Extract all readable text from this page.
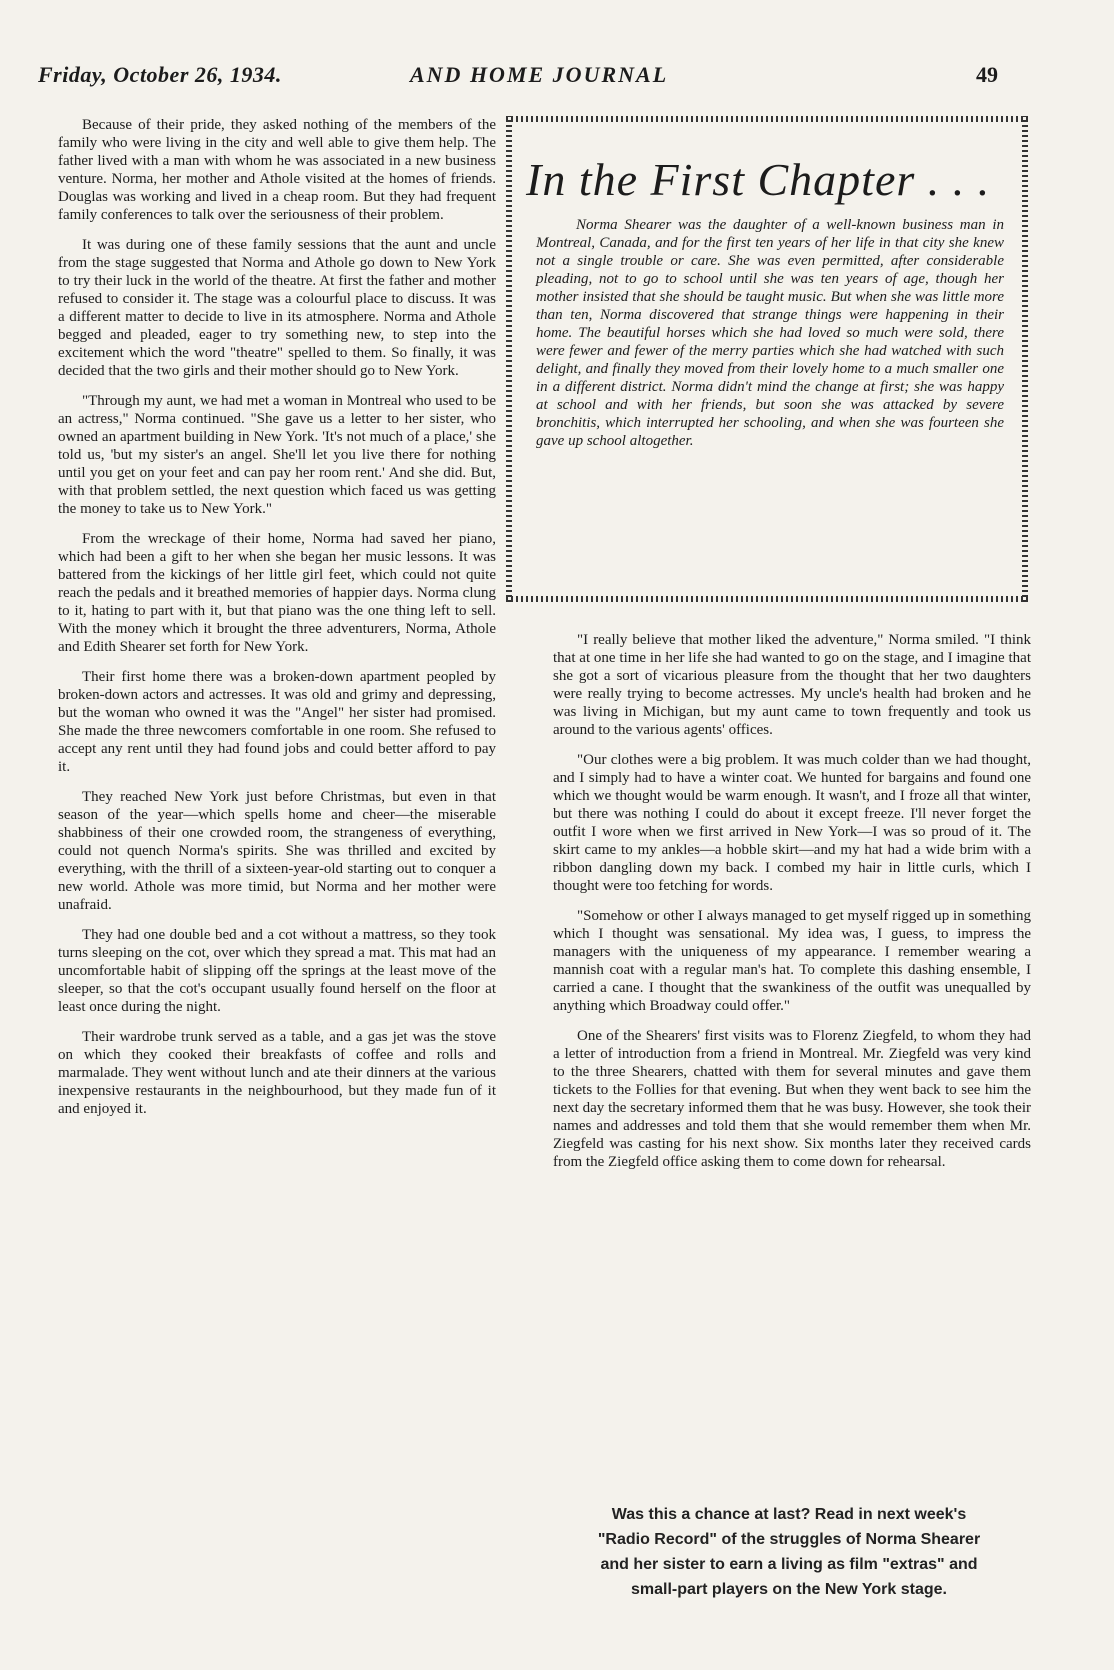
Friday, October 26, 1934.	AND HOME JOURNAL	49

Because of their pride, they asked nothing of the members of the family who were living in the city and well able to give them help. The father lived with a man with whom he was associated in a new business venture. Norma, her mother and Athole visited at the homes of friends. Douglas was working and lived in a cheap room. But they had frequent family conferences to talk over the seriousness of their problem.

It was during one of these family sessions that the aunt and uncle from the stage suggested that Norma and Athole go down to New York to try their luck in the world of the theatre. At first the father and mother refused to consider it. The stage was a colourful place to discuss. It was a different matter to decide to live in its atmosphere. Norma and Athole begged and pleaded, eager to try something new, to step into the excitement which the word "theatre" spelled to them. So finally, it was decided that the two girls and their mother should go to New York.

"Through my aunt, we had met a woman in Montreal who used to be an actress," Norma continued. "She gave us a letter to her sister, who owned an apartment building in New York. 'It's not much of a place,' she told us, 'but my sister's an angel. She'll let you live there for nothing until you get on your feet and can pay her room rent.' And she did. But, with that problem settled, the next question which faced us was getting the money to take us to New York."

From the wreckage of their home, Norma had saved her piano, which had been a gift to her when she began her music lessons. It was battered from the kickings of her little girl feet, which could not quite reach the pedals and it breathed memories of happier days. Norma clung to it, hating to part with it, but that piano was the one thing left to sell. With the money which it brought the three adventurers, Norma, Athole and Edith Shearer set forth for New York.

Their first home there was a broken-down apartment peopled by broken-down actors and actresses. It was old and grimy and depressing, but the woman who owned it was the "Angel" her sister had promised. She made the three newcomers comfortable in one room. She refused to accept any rent until they had found jobs and could better afford to pay it.

They reached New York just before Christmas, but even in that season of the year—which spells home and cheer—the miserable shabbiness of their one crowded room, the strangeness of everything, could not quench Norma's spirits. She was thrilled and excited by everything, with the thrill of a sixteen-year-old starting out to conquer a new world. Athole was more timid, but Norma and her mother were unafraid.

They had one double bed and a cot without a mattress, so they took turns sleeping on the cot, over which they spread a mat. This mat had an uncomfortable habit of slipping off the springs at the least move of the sleeper, so that the cot's occupant usually found herself on the floor at least once during the night.

Their wardrobe trunk served as a table, and a gas jet was the stove on which they cooked their breakfasts of coffee and rolls and marmalade. They went without lunch and ate their dinners at the various inexpensive restaurants in the neighbourhood, but they made fun of it and enjoyed it.

In the First Chapter . . .

Norma Shearer was the daughter of a well-known business man in Montreal, Canada, and for the first ten years of her life in that city she knew not a single trouble or care. She was even permitted, after considerable pleading, not to go to school until she was ten years of age, though her mother insisted that she should be taught music. But when she was little more than ten, Norma discovered that strange things were happening in their home. The beautiful horses which she had loved so much were sold, there were fewer and fewer of the merry parties which she had watched with such delight, and finally they moved from their lovely home to a much smaller one in a different district. Norma didn't mind the change at first; she was happy at school and with her friends, but soon she was attacked by severe bronchitis, which interrupted her schooling, and when she was fourteen she gave up school altogether.

"I really believe that mother liked the adventure," Norma smiled. "I think that at one time in her life she had wanted to go on the stage, and I imagine that she got a sort of vicarious pleasure from the thought that her two daughters were really trying to become actresses. My uncle's health had broken and he was living in Michigan, but my aunt came to town frequently and took us around to the various agents' offices.

"Our clothes were a big problem. It was much colder than we had thought, and I simply had to have a winter coat. We hunted for bargains and found one which we thought would be warm enough. It wasn't, and I froze all that winter, but there was nothing I could do about it except freeze. I'll never forget the outfit I wore when we first arrived in New York—I was so proud of it. The skirt came to my ankles—a hobble skirt—and my hat had a wide brim with a ribbon dangling down my back. I combed my hair in little curls, which I thought were too fetching for words.

"Somehow or other I always managed to get myself rigged up in something which I thought was sensational. My idea was, I guess, to impress the managers with the uniqueness of my appearance. I remember wearing a mannish coat with a regular man's hat. To complete this dashing ensemble, I carried a cane. I thought that the swankiness of the outfit was unequalled by anything which Broadway could offer."

One of the Shearers' first visits was to Florenz Ziegfeld, to whom they had a letter of introduction from a friend in Montreal. Mr. Ziegfeld was very kind to the three Shearers, chatted with them for several minutes and gave them tickets to the Follies for that evening. But when they went back to see him the next day the secretary informed them that he was busy. However, she took their names and addresses and told them that she would remember them when Mr. Ziegfeld was casting for his next show. Six months later they received cards from the Ziegfeld office asking them to come down for rehearsal.

Was this a chance at last? Read in next week's "Radio Record" of the struggles of Norma Shearer and her sister to earn a living as film "extras" and small-part players on the New York stage.
